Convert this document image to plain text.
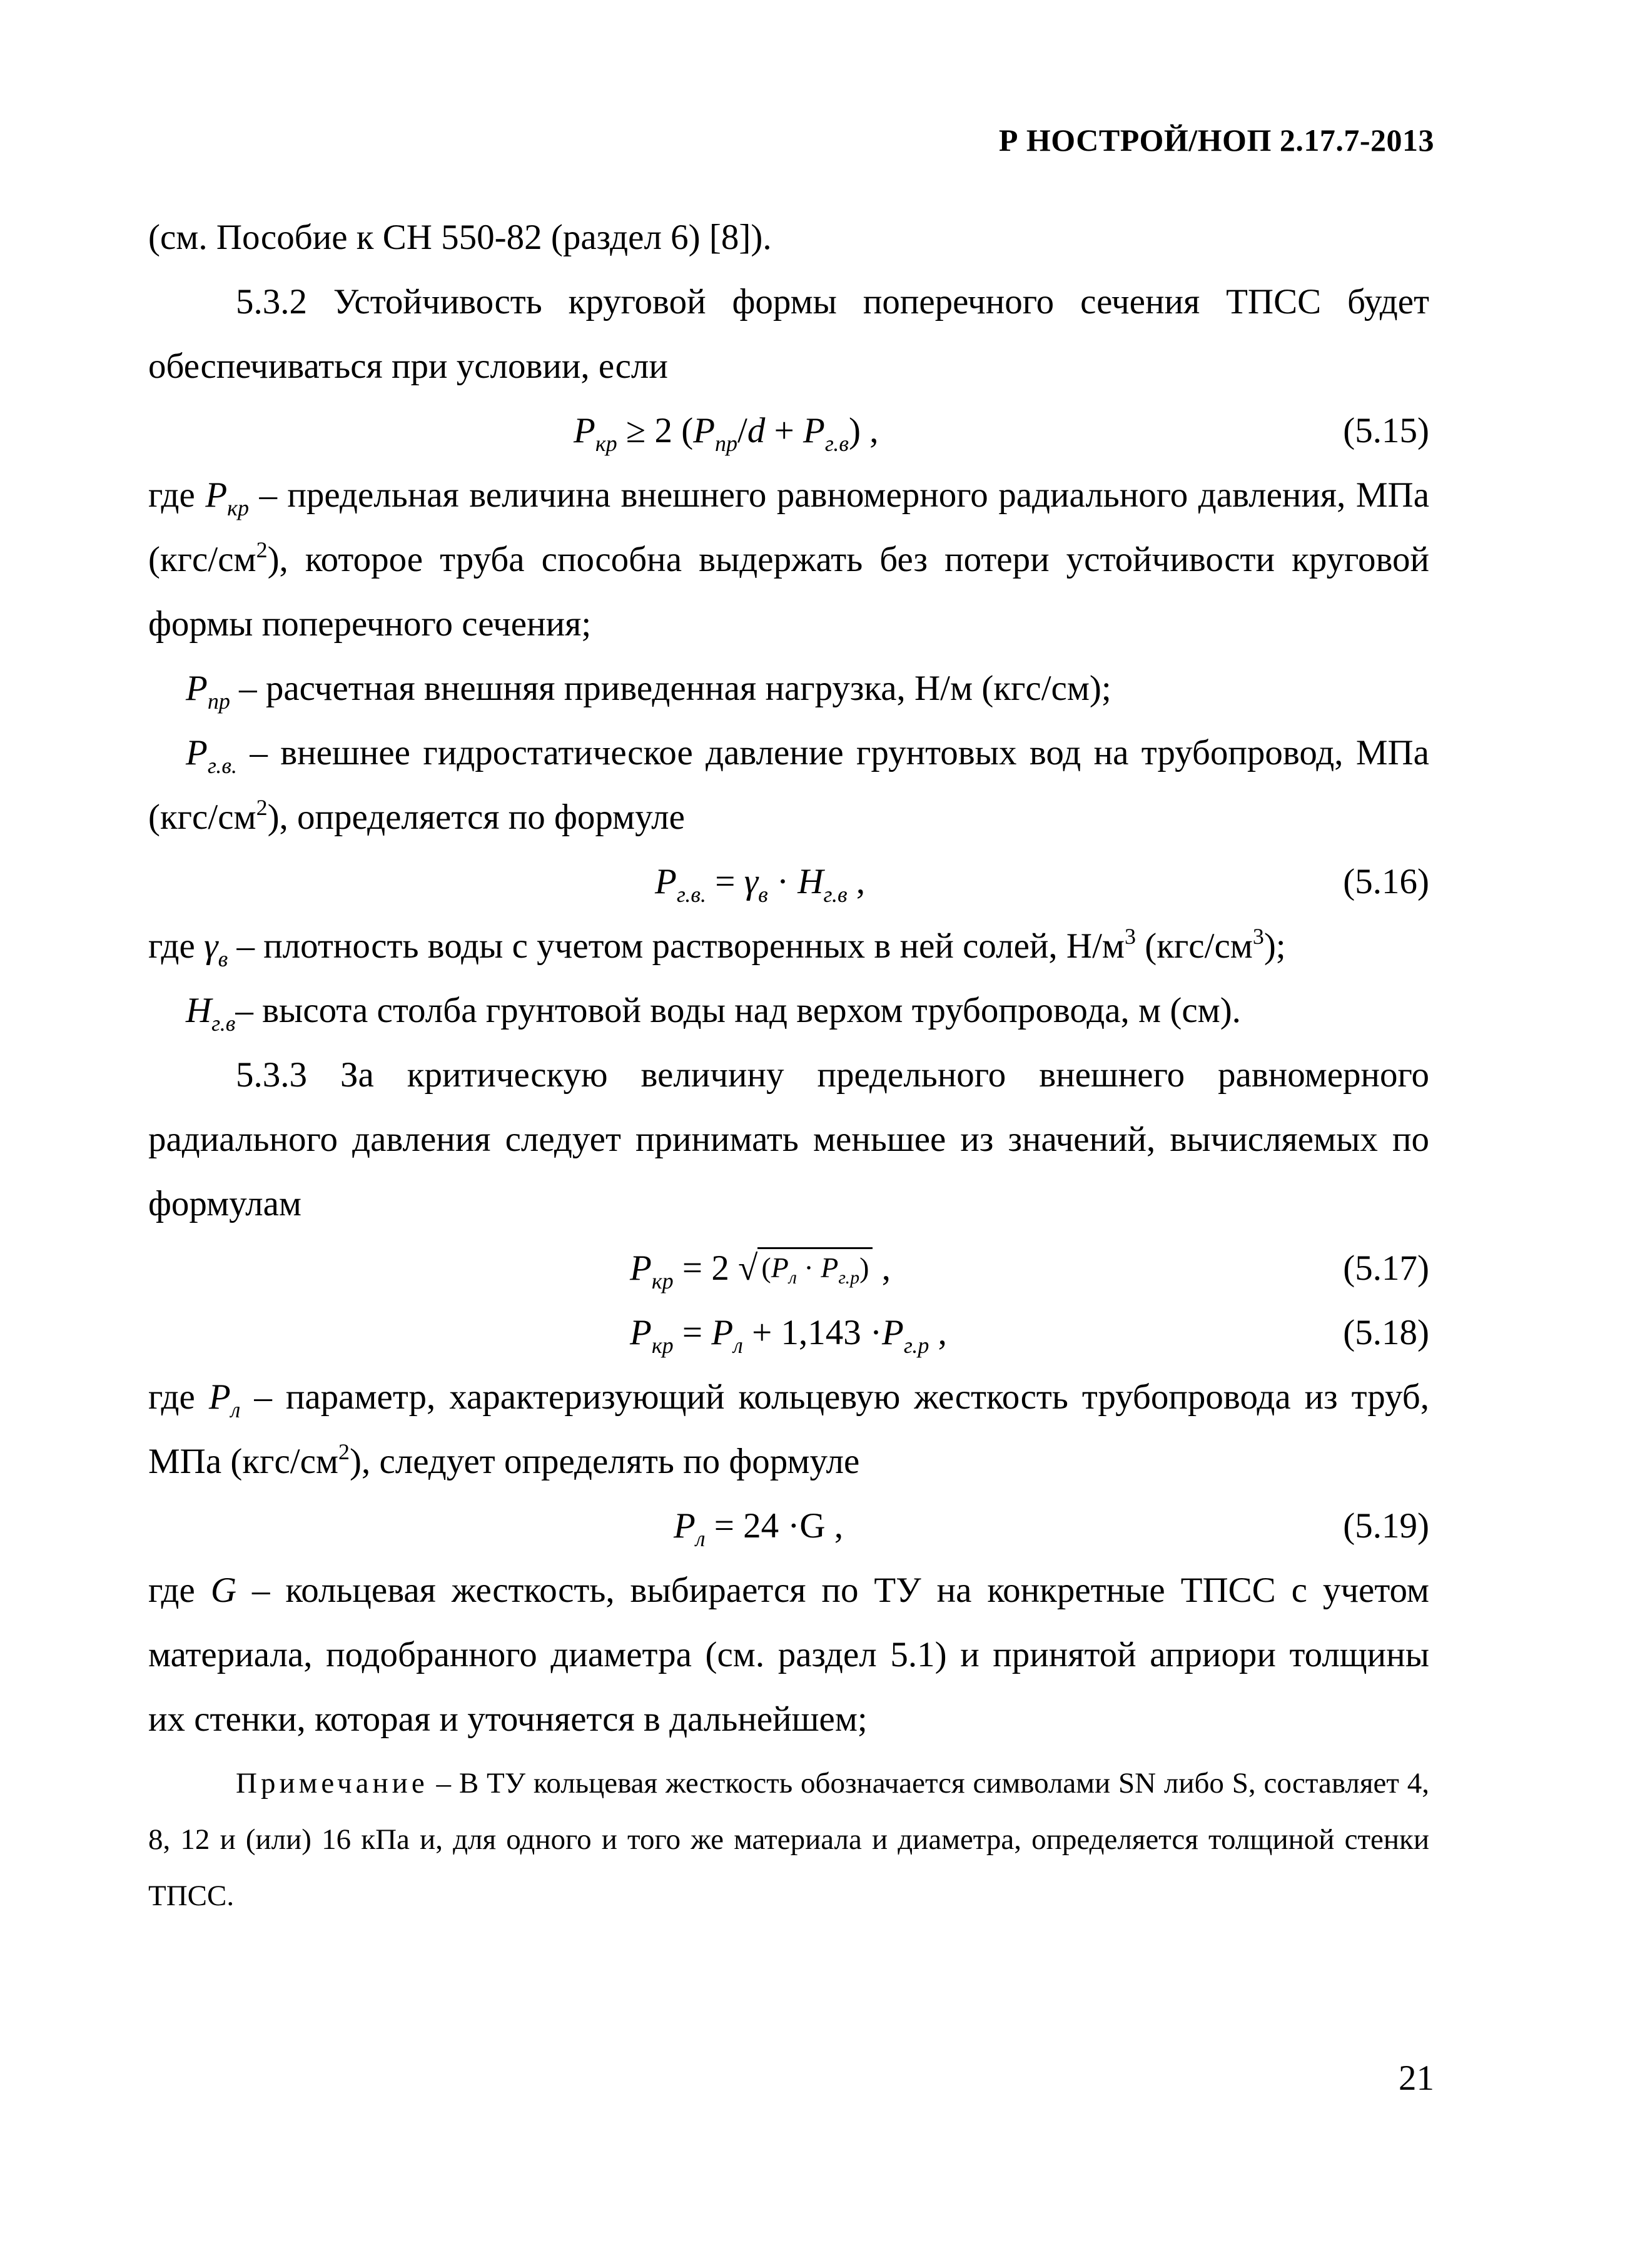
Р НОСТРОЙ/НОП 2.17.7-2013

(см. Пособие к СН 550-82 (раздел 6) [8]).

5.3.2 Устойчивость круговой формы поперечного сечения ТПСС будет обеспечиваться при условии, если

$P_{кр} \ge 2$ $(P_{пр}/d + P_{г.в})$ ,	(5.15)

где $P_{кр}$ – предельная величина внешнего равномерного радиального давления, МПа $(кгс/см^2)$, которое труба способна выдержать без потери устойчивости круговой формы поперечного сечения;

$P_{пр}$ – расчетная внешняя приведенная нагрузка, Н/м (кгс/см);

$P_{г.в.}$ – внешнее гидростатическое давление грунтовых вод на трубопровод, МПа $(кгс/см^2)$, определяется по формуле

$P_{г.в.} = \gamma_в \cdot H_{г.в}$ ,	(5.16)

где $\gamma_в$ – плотность воды с учетом растворенных в ней солей, $Н/м^3$ $(кгс/см^3)$;

$H_{г.в}-$ высота столба грунтовой воды над верхом трубопровода, м (см).

5.3.3 За критическую величину предельного внешнего равномерного радиального давления следует принимать меньшее из значений, вычисляемых по формулам

$P_{кр} = 2$ √ $(P_л \cdot P_{г.р})$ ,	(5.17)
$P_{кр} = P_л + 1,143 \cdot P_{г.р}$ ,	(5.18)

где $P_л$ – параметр, характеризующий кольцевую жесткость трубопровода из труб, МПа $(кгс/см^2)$, следует определять по формуле

$P_л = 24 \cdot G$ ,	(5.19)

где G – кольцевая жесткость, выбирается по ТУ на конкретные ТПСС с учетом материала, подобранного диаметра (см. раздел 5.1) и принятой априори толщины их стенки, которая и уточняется в дальнейшем;

Примечание – В ТУ кольцевая жесткость обозначается символами SN либо S, составляет 4, 8, 12 и (или) 16 кПа и, для одного и того же материала и диаметра, определяется толщиной стенки ТПСС.

21
